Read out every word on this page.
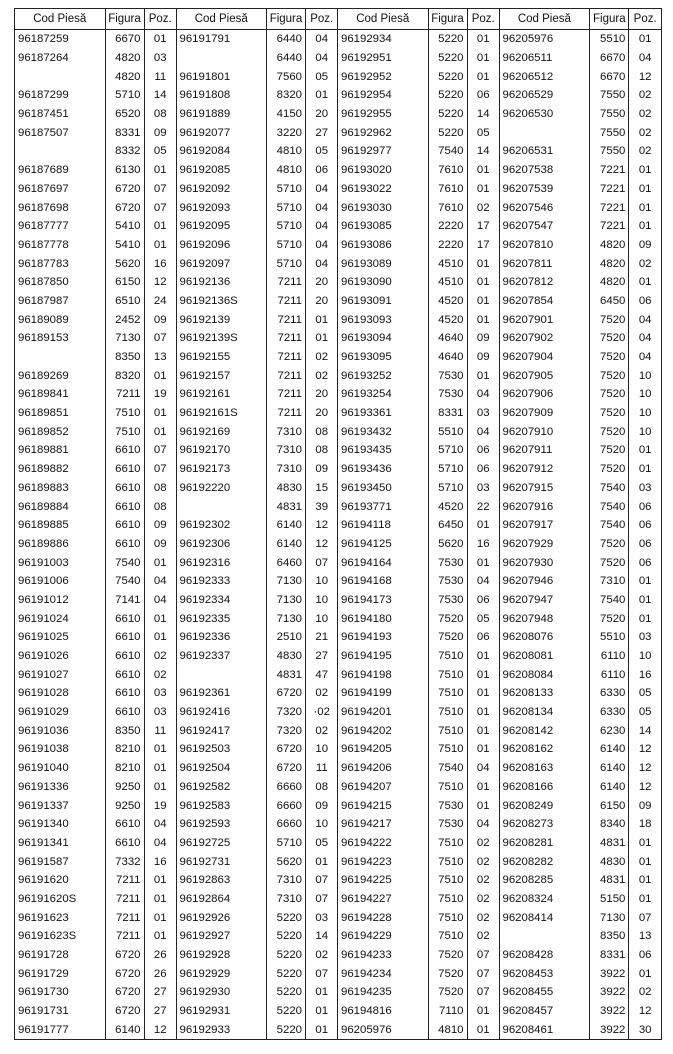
Cod Piesă	Figura	Poz.
96187259	6670	01
96187264	4820	03
	4820	11
96187299	5710	14
96187451	6520	08
96187507	8331	09
	8332	05
96187689	6130	01
96187697	6720	07
96187698	6720	07
96187777	5410	01
96187778	5410	01
96187783	5620	16
96187850	6150	12
96187987	6510	24
96189089	2452	09
96189153	7130	07
	8350	13
96189269	8320	01
96189841	7211	19
96189851	7510	01
96189852	7510	01
96189881	6610	07
96189882	6610	07
96189883	6610	08
96189884	6610	08
96189885	6610	09
96189886	6610	09
96191003	7540	01
96191006	7540	04
96191012	7141	04
96191024	6610	01
96191025	6610	01
96191026	6610	02
96191027	6610	02
96191028	6610	03
96191029	6610	03
96191036	8350	11
96191038	8210	01
96191040	8210	01
96191336	9250	01
96191337	9250	19
96191340	6610	04
96191341	6610	04
96191587	7332	16
96191620	7211	01
96191620S	7211	01
96191623	7211	01
96191623S	7211	01
96191728	6720	26
96191729	6720	26
96191730	6720	27
96191731	6720	27
96191777	6140	12
Cod Piesă	Figura	Poz.
96191791	6440	04
	6440	04
96191801	7560	05
96191808	8320	01
96191889	4150	20
96192077	3220	27
96192084	4810	05
96192085	4810	06
96192092	5710	04
96192093	5710	04
96192095	5710	04
96192096	5710	04
96192097	5710	04
96192136	7211	20
96192136S	7211	20
96192139	7211	01
96192139S	7211	01
96192155	7211	02
96192157	7211	02
96192161	7211	20
96192161S	7211	20
96192169	7310	08
96192170	7310	08
96192173	7310	09
96192220	4830	15
	4831	39
96192302	6140	12
96192306	6140	12
96192316	6460	07
96192333	7130	10
96192334	7130	10
96192335	7130	10
96192336	2510	21
96192337	4830	27
	4831	47
96192361	6720	02
96192416	7320	·02
96192417	7320	02
96192503	6720	10
96192504	6720	11
96192582	6660	08
96192583	6660	09
96192593	6660	10
96192725	5710	05
96192731	5620	01
96192863	7310	07
96192864	7310	07
96192926	5220	03
96192927	5220	14
96192928	5220	02
96192929	5220	07
96192930	5220	01
96192931	5220	01
96192933	5220	01
Cod Piesă	Figura	Poz.
96192934	5220	01
96192951	5220	01
96192952	5220	01
96192954	5220	06
96192955	5220	14
96192962	5220	05
96192977	7540	14
96193020	7610	01
96193022	7610	01
96193030	7610	02
96193085	2220	17
96193086	2220	17
96193089	4510	01
96193090	4510	01
96193091	4520	01
96193093	4520	01
96193094	4640	09
96193095	4640	09
96193252	7530	01
96193254	7530	04
96193361	8331	03
96193432	5510	04
96193435	5710	06
96193436	5710	06
96193450	5710	03
96193771	4520	22
96194118	6450	01
96194125	5620	16
96194164	7530	01
96194168	7530	04
96194173	7530	06
96194180	7520	05
96194193	7520	06
96194195	7510	01
96194198	7510	01
96194199	7510	01
96194201	7510	01
96194202	7510	01
96194205	7510	01
96194206	7540	04
96194207	7510	01
96194215	7530	01
96194217	7530	04
96194222	7510	02
96194223	7510	02
96194225	7510	02
96194227	7510	02
96194228	7510	02
96194229	7510	02
96194233	7520	07
96194234	7520	07
96194235	7520	07
96194816	7110	01
96205976	4810	01
Cod Piesă	Figura	Poz.
96205976	5510	01
96206511	6670	04
96206512	6670	12
96206529	7550	02
96206530	7550	02
	7550	02
96206531	7550	02
96207538	7221	01
96207539	7221	01
96207546	7221	01
96207547	7221	01
96207810	4820	09
96207811	4820	02
96207812	4820	01
96207854	6450	06
96207901	7520	04
96207902	7520	04
96207904	7520	04
96207905	7520	10
96207906	7520	10
96207909	7520	10
96207910	7520	10
96207911	7520	01
96207912	7520	01
96207915	7540	03
96207916	7540	06
96207917	7540	06
96207929	7520	06
96207930	7520	06
96207946	7310	01
96207947	7540	01
96207948	7520	01
96208076	5510	03
96208081	6110	10
96208084	6110	16
96208133	6330	05
96208134	6330	05
96208142	6230	14
96208162	6140	12
96208163	6140	12
96208166	6140	12
96208249	6150	09
96208273	8340	18
96208281	4831	01
96208282	4830	01
96208285	4831	01
96208324	5150	01
96208414	7130	07
	8350	13
96208428	8331	06
96208453	3922	01
96208455	3922	02
96208457	3922	12
96208461	3922	30
